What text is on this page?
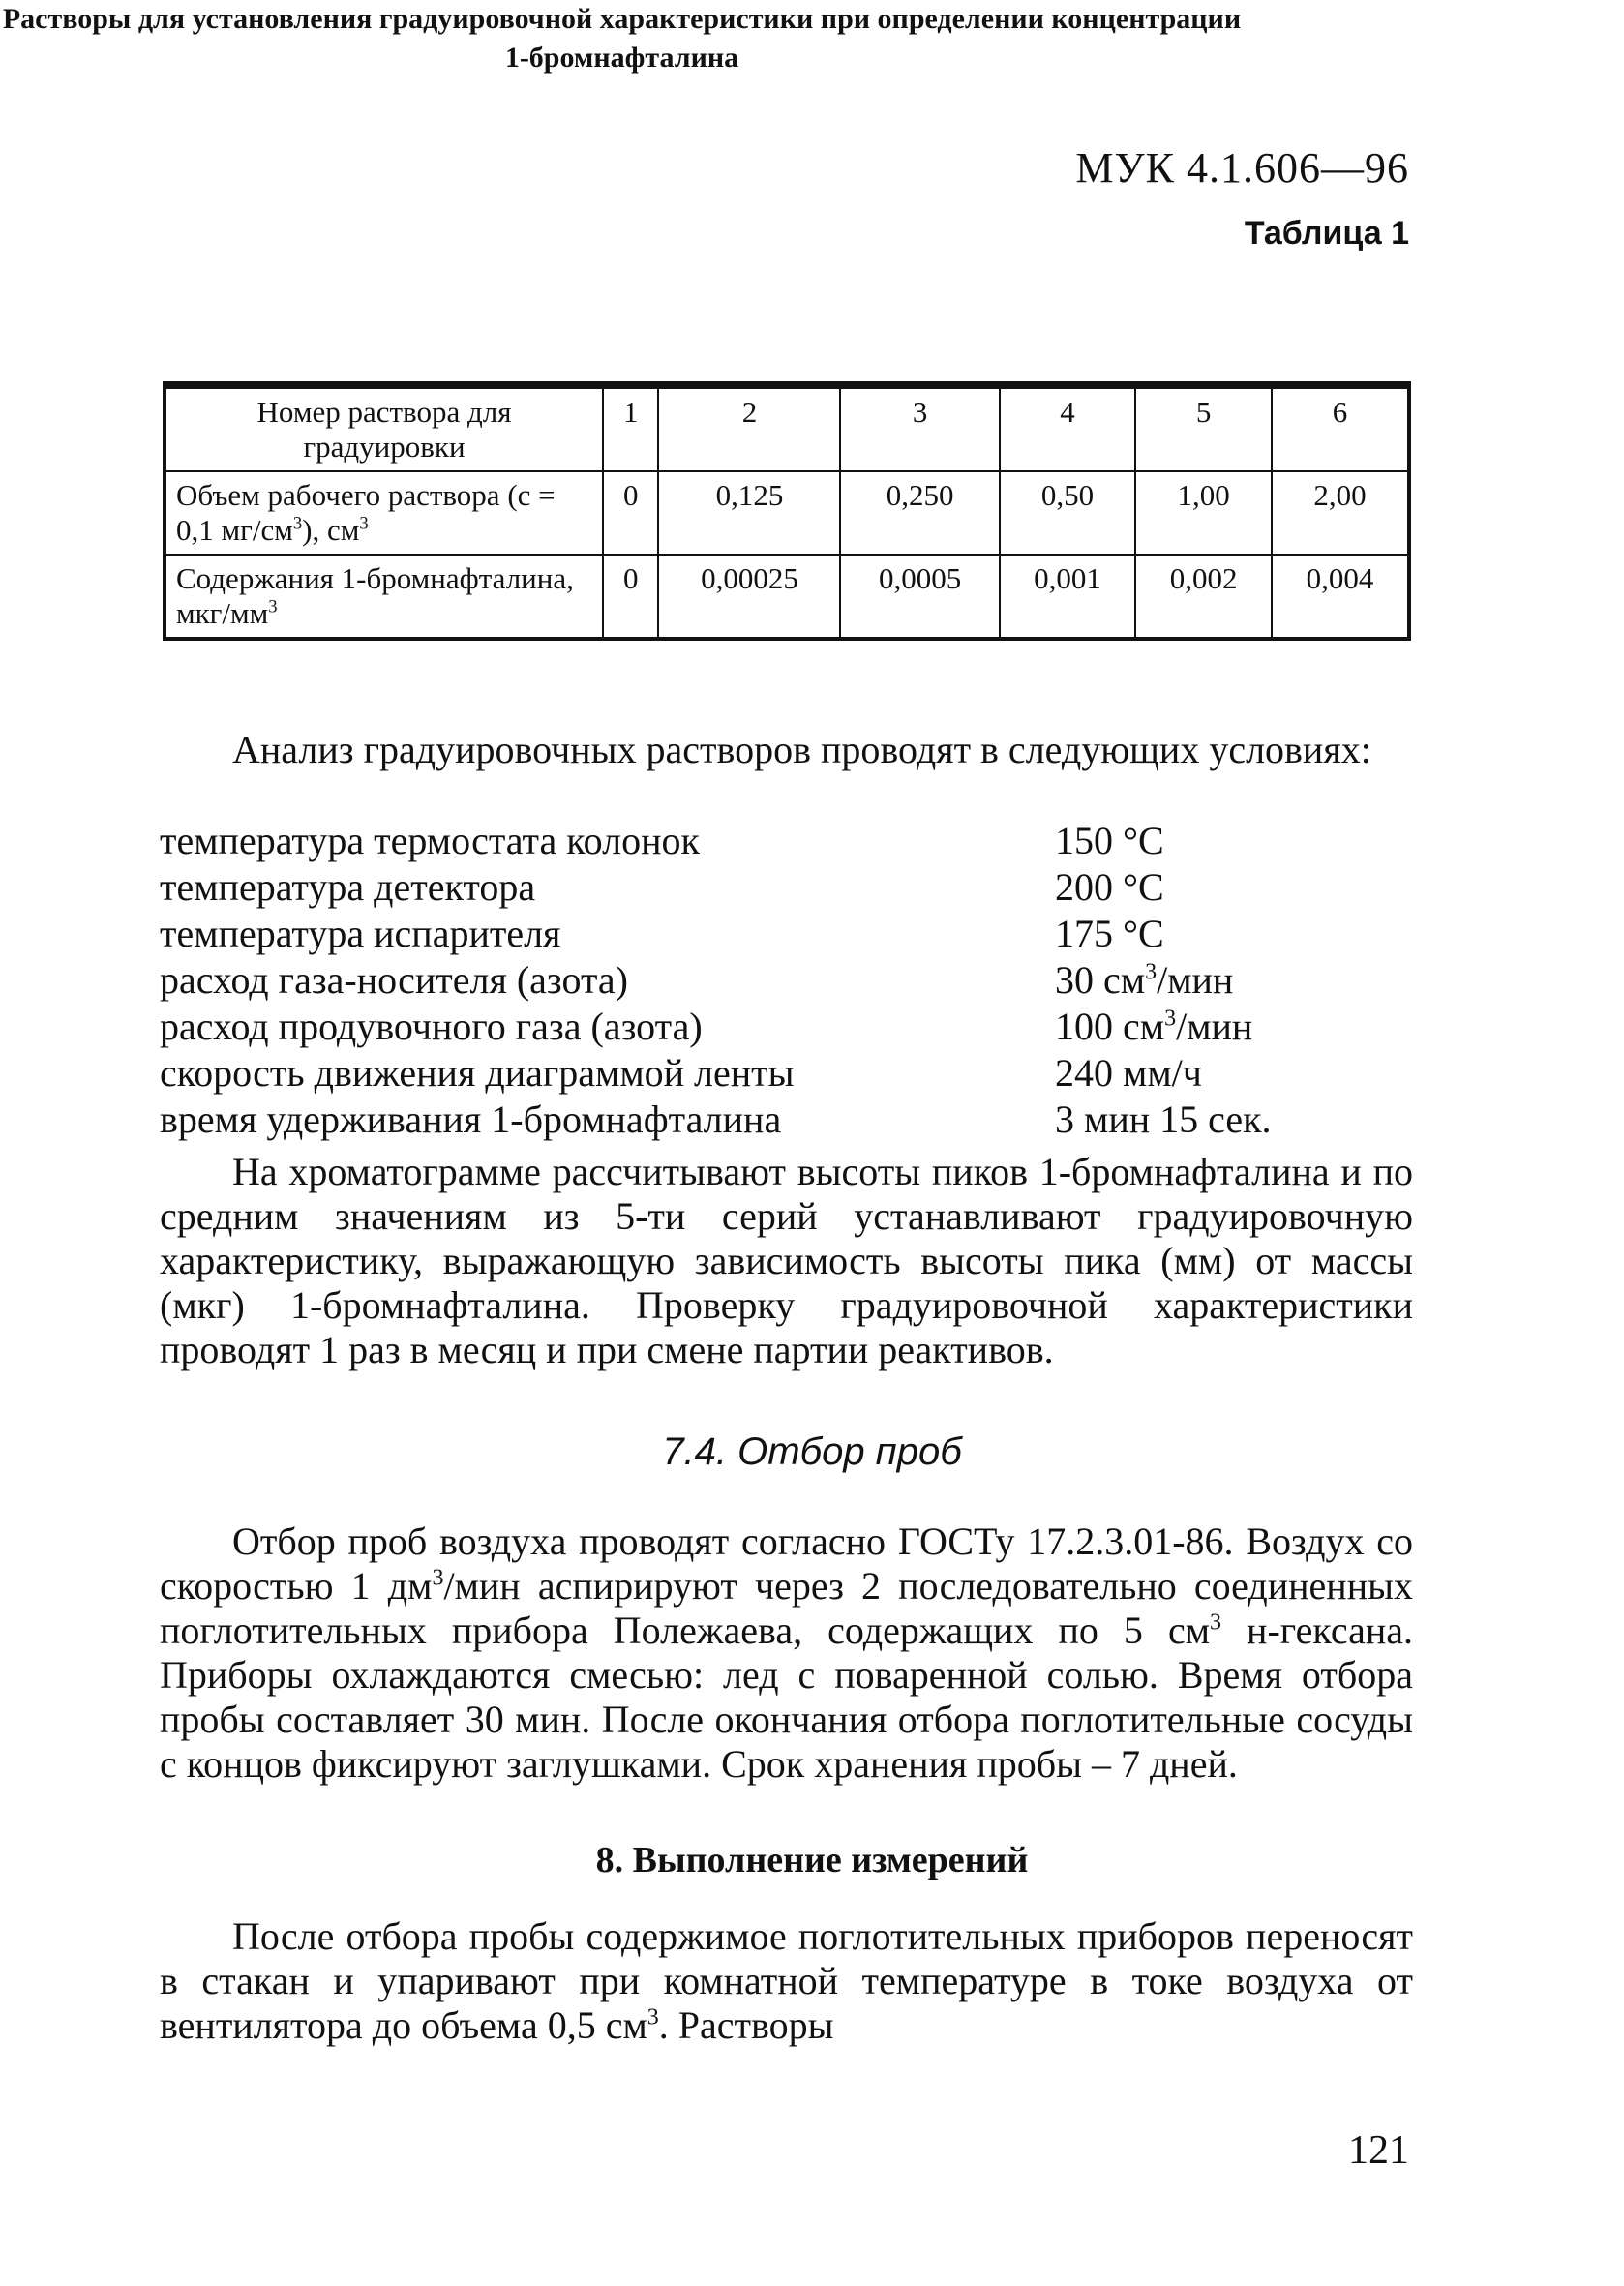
МУК 4.1.606—96
Таблица 1
Растворы для установления градуировочной характеристики при определении концентрации 1-бромнафталина
Номер раствора для градуировки	1	2	3	4	5	6
Объем рабочего раствора (с = 0,1 $мг/см^3$), $см^3$	0	0,125	0,250	0,50	1,00	2,00
Содержания 1-бромнафталина, мкг/$мм^3$	0	0,00025	0,0005	0,001	0,002	0,004
Анализ градуировочных растворов проводят в следующих условиях:
температура термостата колонок	150 °С
температура детектора	200 °С
температура испарителя	175 °С
расход газа-носителя (азота)	30 $см^3$/мин
расход продувочного газа (азота)	100 $см^3$/мин
скорость движения диаграммой ленты	240 мм/ч
время удерживания 1-бромнафталина	3 мин 15 сек.
На хроматограмме рассчитывают высоты пиков 1-бромнафталина и по средним значениям из 5-ти серий устанавливают градуировочную характеристику, выражающую зависимость высоты пика (мм) от массы (мкг) 1-бромнафталина. Проверку градуировочной характеристики проводят 1 раз в месяц и при смене партии реактивов.
7.4. Отбор проб
Отбор проб воздуха проводят согласно ГОСТу 17.2.3.01-86. Воздух со скоростью 1 $дм^3$/мин аспирируют через 2 последовательно соединенных поглотительных прибора Полежаева, содержащих по 5 $см^3$ н-гексана. Приборы охлаждаются смесью: лед с поваренной солью. Время отбора пробы составляет 30 мин. После окончания отбора поглотительные сосуды с концов фиксируют заглушками. Срок хранения пробы – 7 дней.
8. Выполнение измерений
После отбора пробы содержимое поглотительных приборов переносят в стакан и упаривают при комнатной температуре в токе воздуха от вентилятора до объема 0,5 $см^3$. Растворы
121
